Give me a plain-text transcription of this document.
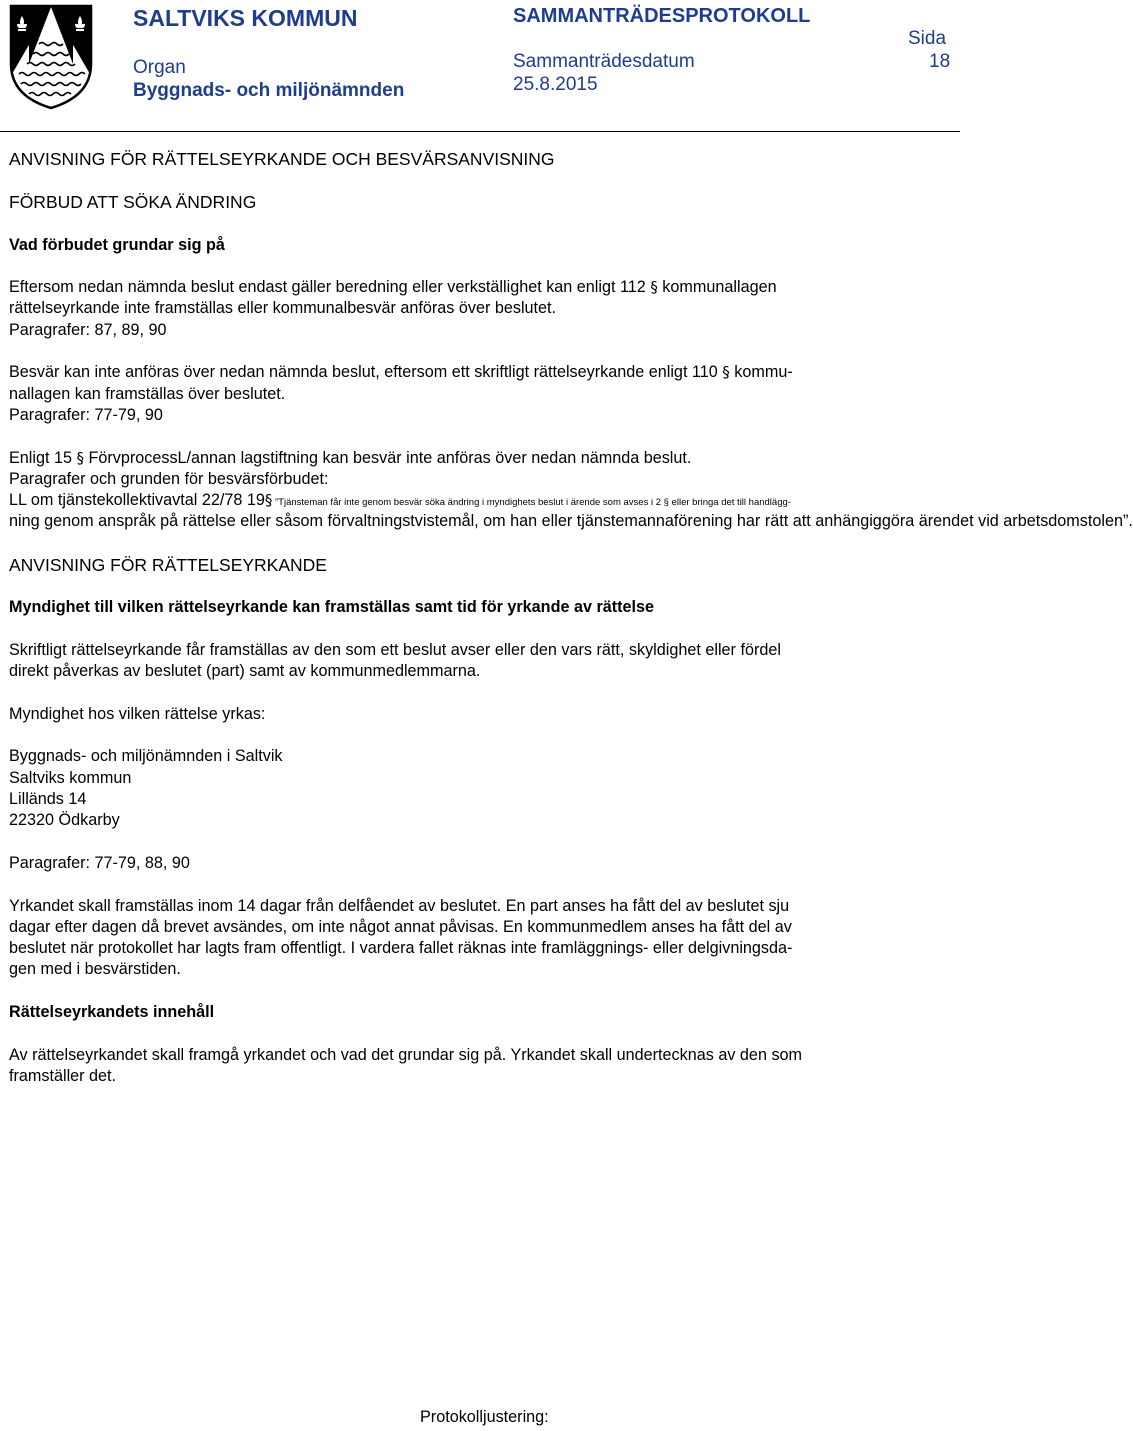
SALTVIKS KOMMUN
Organ
Byggnads- och miljönämnden
SAMMANTRÄDESPROTOKOLL
Sammanträdesdatum
25.8.2015
Sida
18

ANVISNING FÖR RÄTTELSEYRKANDE OCH BESVÄRSANVISNING

FÖRBUD ATT SÖKA ÄNDRING

Vad förbudet grundar sig på

Eftersom nedan nämnda beslut endast gäller beredning eller verkställighet kan enligt 112 § kommunallagen

rättelseyrkande inte framställas eller kommunalbesvär anföras över beslutet.

Paragrafer: 87, 89, 90

Besvär kan inte anföras över nedan nämnda beslut, eftersom ett skriftligt rättelseyrkande enligt 110 § kommu-

nallagen kan framställas över beslutet.

Paragrafer: 77-79, 90

Enligt 15 § FörvprocessL/annan lagstiftning kan besvär inte anföras över nedan nämnda beslut.

Paragrafer och grunden för besvärsförbudet:

LL om tjänstekollektivavtal 22/78 19§ ”Tjänsteman får inte genom besvär söka ändring i myndighets beslut i ärende som avses i 2 § eller bringa det till handlägg-

ning genom anspråk på rättelse eller såsom förvaltningstvistemål, om han eller tjänstemannaförening har rätt att anhängiggöra ärendet vid arbetsdomstolen”.

ANVISNING FÖR RÄTTELSEYRKANDE

Myndighet till vilken rättelseyrkande kan framställas samt tid för yrkande av rättelse

Skriftligt rättelseyrkande får framställas av den som ett beslut avser eller den vars rätt, skyldighet eller fördel

direkt påverkas av beslutet (part) samt av kommunmedlemmarna.

Myndighet hos vilken rättelse yrkas:

Byggnads- och miljönämnden i Saltvik

Saltviks kommun

Lilländs 14

22320 Ödkarby

Paragrafer: 77-79, 88, 90

Yrkandet skall framställas inom 14 dagar från delfåendet av beslutet. En part anses ha fått del av beslutet sju

dagar efter dagen då brevet avsändes, om inte något annat påvisas. En kommunmedlem anses ha fått del av

beslutet när protokollet har lagts fram offentligt. I vardera fallet räknas inte framläggnings- eller delgivningsda-

gen med i besvärstiden.

Rättelseyrkandets innehåll

Av rättelseyrkandet skall framgå yrkandet och vad det grundar sig på. Yrkandet skall undertecknas av den som

framställer det.

Protokolljustering:
